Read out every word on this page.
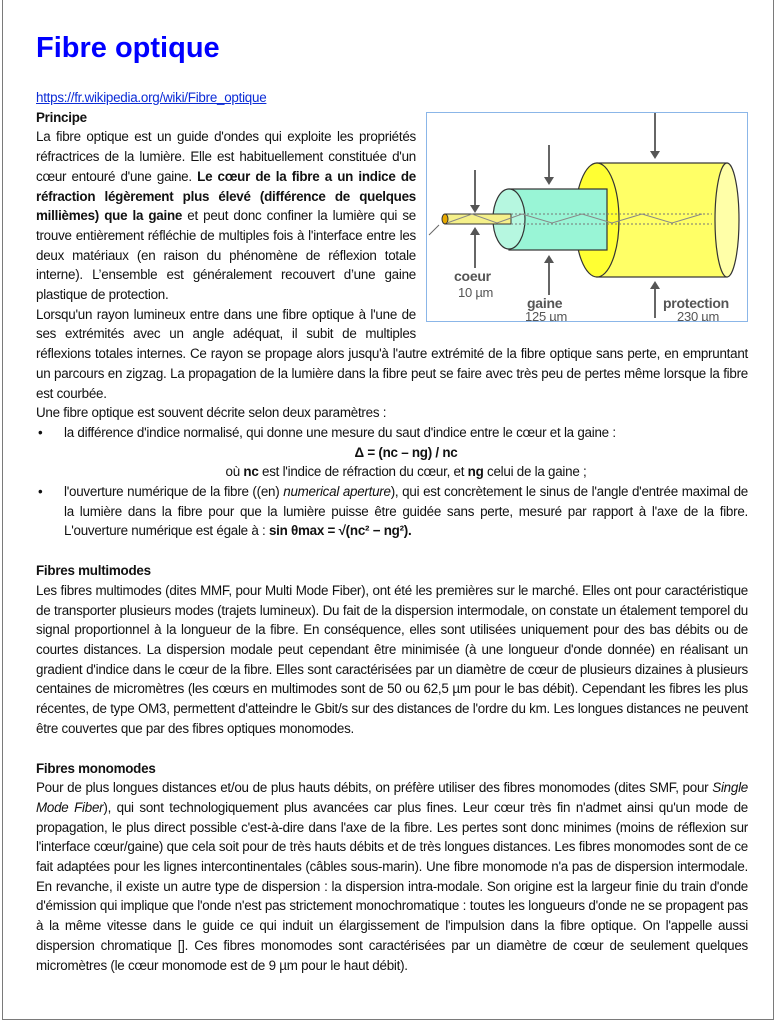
Fibre optique
https://fr.wikipedia.org/wiki/Fibre_optique
coeur
10 µm
gaine
125 µm
protection
230 µm
Principe

La fibre optique est un guide d'ondes qui exploite les propriétés réfractrices de la lumière. Elle est habituellement constituée d'un cœur entouré d'une gaine. Le cœur de la fibre a un indice de réfraction légèrement plus élevé (différence de quelques millièmes) que la gaine et peut donc confiner la lumière qui se trouve entièrement réfléchie de multiples fois à l'interface entre les deux matériaux (en raison du phénomène de réflexion totale interne). L’ensemble est généralement recouvert d’une gaine plastique de protection.

Lorsqu'un rayon lumineux entre dans une fibre optique à l'une de ses extrémités avec un angle adéquat, il subit de multiples réflexions totales internes. Ce rayon se propage alors jusqu'à l'autre extrémité de la fibre optique sans perte, en empruntant un parcours en zigzag. La propagation de la lumière dans la fibre peut se faire avec très peu de pertes même lorsque la fibre est courbée.

Une fibre optique est souvent décrite selon deux paramètres :

• la différence d'indice normalisé, qui donne une mesure du saut d'indice entre le cœur et la gaine :
Δ = (nc – ng) / nc
où nc est l'indice de réfraction du cœur, et ng celui de la gaine ;
• l'ouverture numérique de la fibre ((en) numerical aperture), qui est concrètement le sinus de l'angle d'entrée maximal de la lumière dans la fibre pour que la lumière puisse être guidée sans perte, mesuré par rapport à l'axe de la fibre. L'ouverture numérique est égale à : sin θmax = √(nc² − ng²).
Fibres multimodes

Les fibres multimodes (dites MMF, pour Multi Mode Fiber), ont été les premières sur le marché. Elles ont pour caractéristique de transporter plusieurs modes (trajets lumineux). Du fait de la dispersion intermodale, on constate un étalement temporel du signal proportionnel à la longueur de la fibre. En conséquence, elles sont utilisées uniquement pour des bas débits ou de courtes distances. La dispersion modale peut cependant être minimisée (à une longueur d'onde donnée) en réalisant un gradient d'indice dans le cœur de la fibre. Elles sont caractérisées par un diamètre de cœur de plusieurs dizaines à plusieurs centaines de micromètres (les cœurs en multimodes sont de 50 ou 62,5 µm pour le bas débit). Cependant les fibres les plus récentes, de type OM3, permettent d'atteindre le Gbit/s sur des distances de l'ordre du km. Les longues distances ne peuvent être couvertes que par des fibres optiques monomodes.

Fibres monomodes

Pour de plus longues distances et/ou de plus hauts débits, on préfère utiliser des fibres monomodes (dites SMF, pour Single Mode Fiber), qui sont technologiquement plus avancées car plus fines. Leur cœur très fin n'admet ainsi qu'un mode de propagation, le plus direct possible c'est-à-dire dans l'axe de la fibre. Les pertes sont donc minimes (moins de réflexion sur l'interface cœur/gaine) que cela soit pour de très hauts débits et de très longues distances. Les fibres monomodes sont de ce fait adaptées pour les lignes intercontinentales (câbles sous-marin). Une fibre monomode n'a pas de dispersion intermodale. En revanche, il existe un autre type de dispersion : la dispersion intra-modale. Son origine est la largeur finie du train d'onde d'émission qui implique que l'onde n'est pas strictement monochromatique : toutes les longueurs d'onde ne se propagent pas à la même vitesse dans le guide ce qui induit un élargissement de l'impulsion dans la fibre optique. On l'appelle aussi dispersion chromatique []. Ces fibres monomodes sont caractérisées par un diamètre de cœur de seulement quelques micromètres (le cœur monomode est de 9 µm pour le haut débit).
